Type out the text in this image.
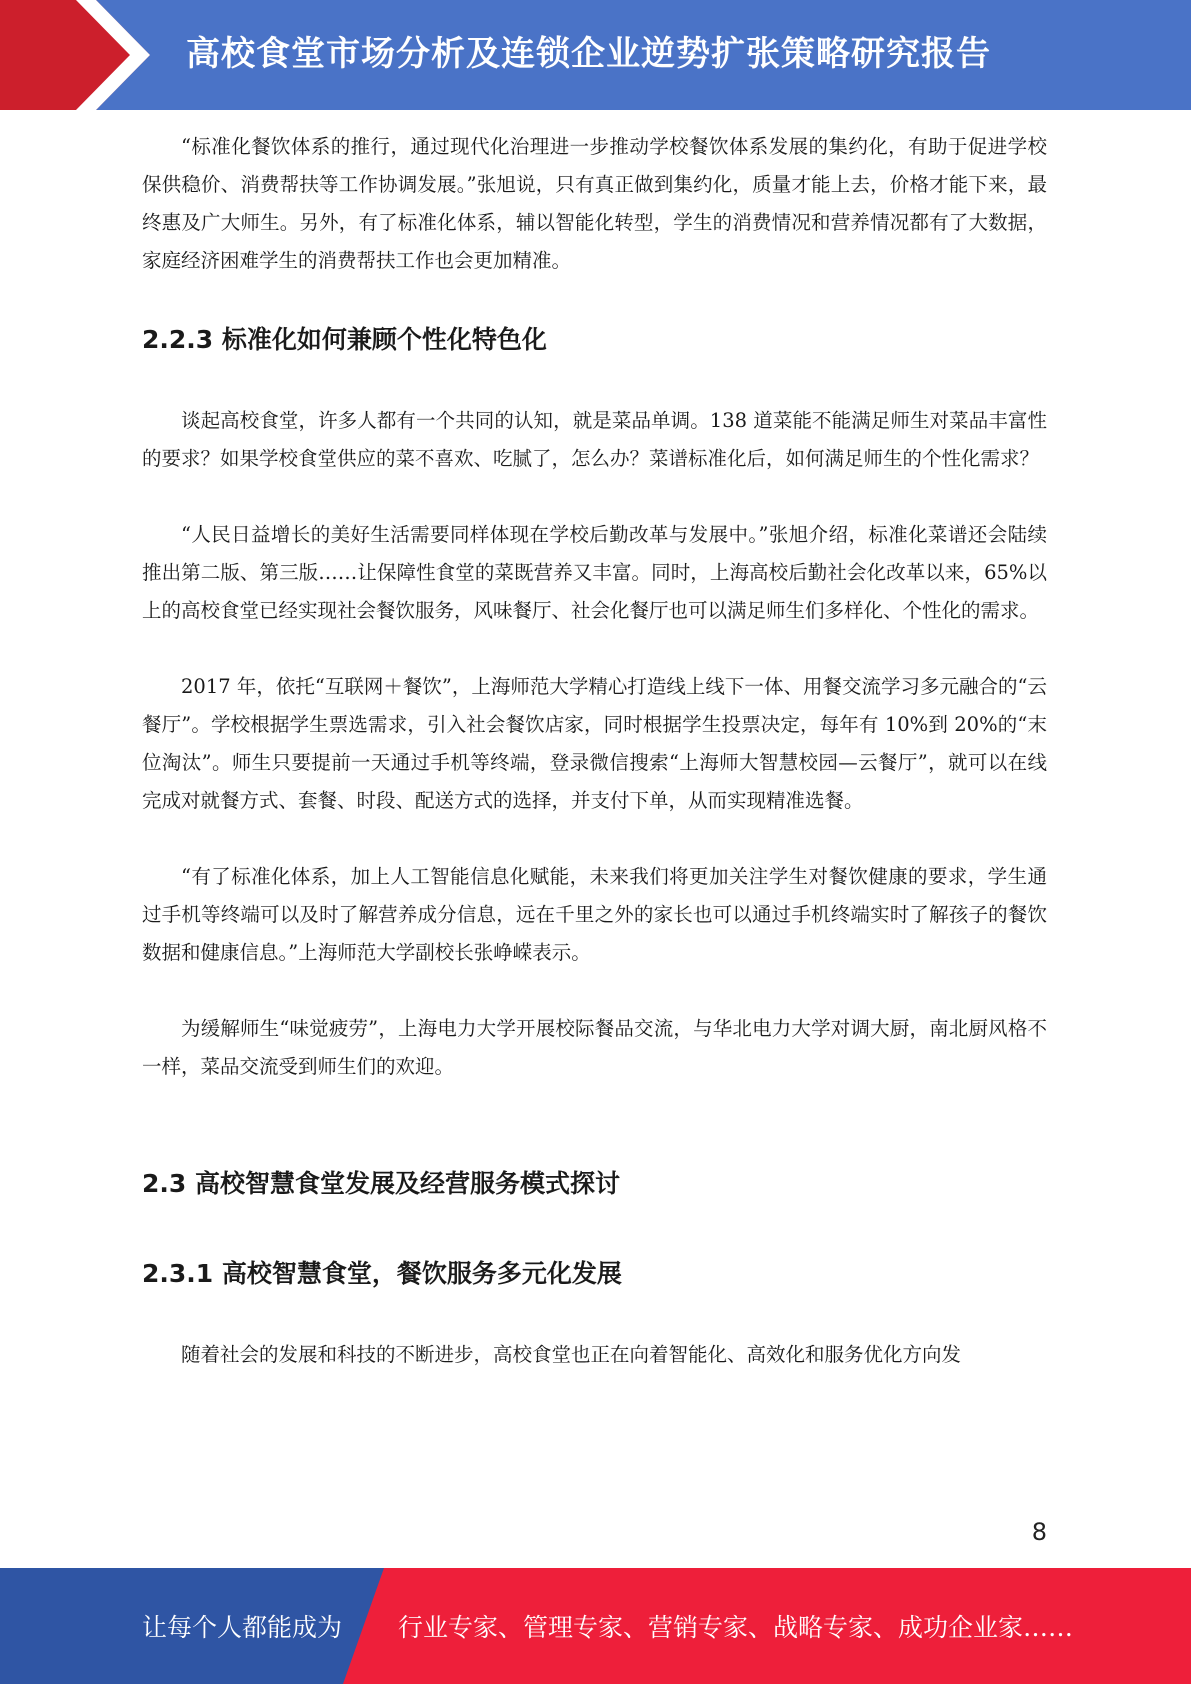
高校食堂市场分析及连锁企业逆势扩张策略研究报告

“标准化餐饮体系的推行，通过现代化治理进一步推动学校餐饮体系发展的集约化，有助于促进学校保供稳价、消费帮扶等工作协调发展。”张旭说，只有真正做到集约化，质量才能上去，价格才能下来，最终惠及广大师生。另外，有了标准化体系，辅以智能化转型，学生的消费情况和营养情况都有了大数据，家庭经济困难学生的消费帮扶工作也会更加精准。

2.2.3 标准化如何兼顾个性化特色化

谈起高校食堂，许多人都有一个共同的认知，就是菜品单调。138 道菜能不能满足师生对菜品丰富性的要求？如果学校食堂供应的菜不喜欢、吃腻了，怎么办？菜谱标准化后，如何满足师生的个性化需求？

“人民日益增长的美好生活需要同样体现在学校后勤改革与发展中。”张旭介绍，标准化菜谱还会陆续推出第二版、第三版……让保障性食堂的菜既营养又丰富。同时，上海高校后勤社会化改革以来，65%以上的高校食堂已经实现社会餐饮服务，风味餐厅、社会化餐厅也可以满足师生们多样化、个性化的需求。

2017 年，依托“互联网＋餐饮”，上海师范大学精心打造线上线下一体、用餐交流学习多元融合的“云餐厅”。学校根据学生票选需求，引入社会餐饮店家，同时根据学生投票决定，每年有 10%到 20%的“末位淘汰”。师生只要提前一天通过手机等终端，登录微信搜索“上海师大智慧校园—云餐厅”，就可以在线完成对就餐方式、套餐、时段、配送方式的选择，并支付下单，从而实现精准选餐。

“有了标准化体系，加上人工智能信息化赋能，未来我们将更加关注学生对餐饮健康的要求，学生通过手机等终端可以及时了解营养成分信息，远在千里之外的家长也可以通过手机终端实时了解孩子的餐饮数据和健康信息。”上海师范大学副校长张峥嵘表示。

为缓解师生“味觉疲劳”，上海电力大学开展校际餐品交流，与华北电力大学对调大厨，南北厨风格不一样，菜品交流受到师生们的欢迎。

2.3 高校智慧食堂发展及经营服务模式探讨
2.3.1 高校智慧食堂，餐饮服务多元化发展

随着社会的发展和科技的不断进步，高校食堂也正在向着智能化、高效化和服务优化方向发

8
让每个人都能成为 行业专家、管理专家、营销专家、战略专家、成功企业家……
